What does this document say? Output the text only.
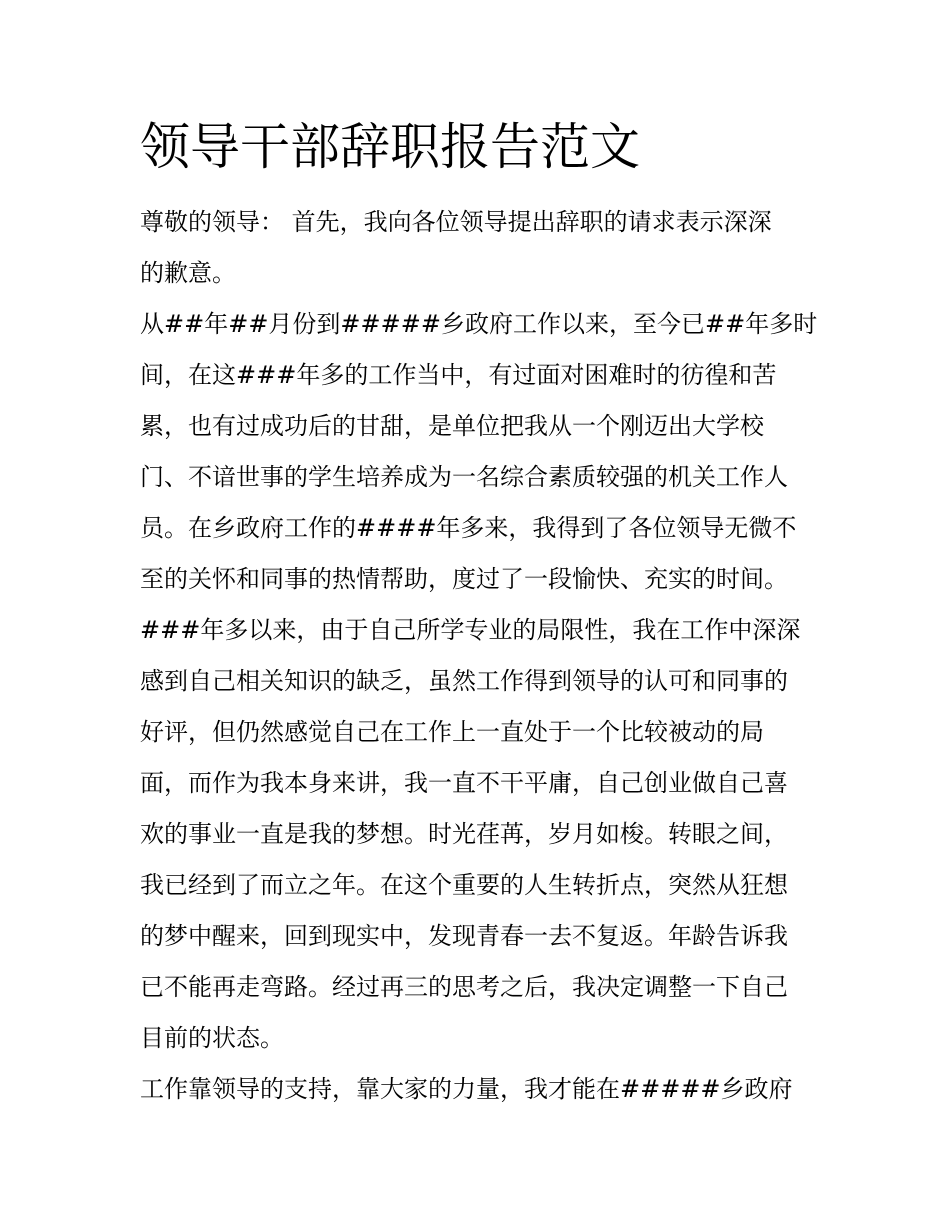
领导干部辞职报告范文

尊敬的领导： 首先，我向各位领导提出辞职的请求表示深深
的歉意。

从##年##月份到#####乡政府工作以来，至今已##年多时
间，在这###年多的工作当中，有过面对困难时的彷徨和苦
累，也有过成功后的甘甜，是单位把我从一个刚迈出大学校
门、不谙世事的学生培养成为一名综合素质较强的机关工作人
员。在乡政府工作的####年多来，我得到了各位领导无微不
至的关怀和同事的热情帮助，度过了一段愉快、充实的时间。
###年多以来，由于自己所学专业的局限性，我在工作中深深
感到自己相关知识的缺乏，虽然工作得到领导的认可和同事的
好评，但仍然感觉自己在工作上一直处于一个比较被动的局
面，而作为我本身来讲，我一直不干平庸，自己创业做自己喜
欢的事业一直是我的梦想。时光荏苒，岁月如梭。转眼之间，
我已经到了而立之年。在这个重要的人生转折点，突然从狂想
的梦中醒来，回到现实中，发现青春一去不复返。年龄告诉我
已不能再走弯路。经过再三的思考之后，我决定调整一下自己
目前的状态。

工作靠领导的支持，靠大家的力量，我才能在#####乡政府
